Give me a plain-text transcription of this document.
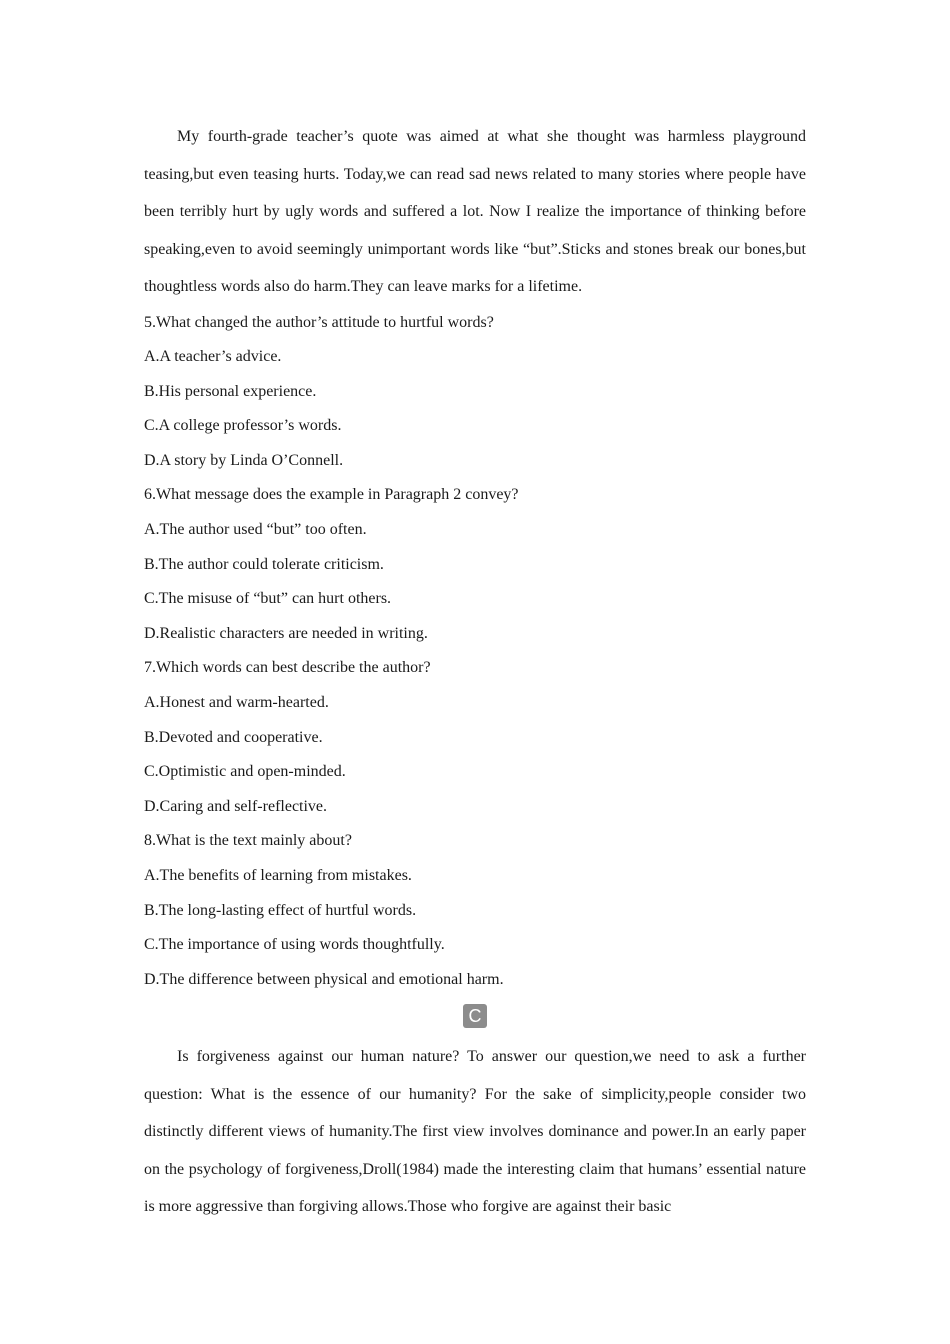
My fourth-grade teacher’s quote was aimed at what she thought was harmless playground teasing,but even teasing hurts. Today,we can read sad news related to many stories where people have been terribly hurt by ugly words and suffered a lot. Now I realize the importance of thinking before speaking,even to avoid seemingly unimportant words like “but”.Sticks and stones break our bones,but thoughtless words also do harm.They can leave marks for a lifetime.

5.What changed the author’s attitude to hurtful words?

A.A teacher’s advice.

B.His personal experience.

C.A college professor’s words.

D.A story by Linda O’Connell.

6.What message does the example in Paragraph 2 convey?

A.The author used “but” too often.

B.The author could tolerate criticism.

C.The misuse of “but” can hurt others.

D.Realistic characters are needed in writing.

7.Which words can best describe the author?

A.Honest and warm-hearted.

B.Devoted and cooperative.

C.Optimistic and open-minded.

D.Caring and self-reflective.

8.What is the text mainly about?

A.The benefits of learning from mistakes.

B.The long-lasting effect of hurtful words.

C.The importance of using words thoughtfully.

D.The difference between physical and emotional harm.

C

Is forgiveness against our human nature? To answer our question,we need to ask a further question: What is the essence of our humanity? For the sake of simplicity,people consider two distinctly different views of humanity.The first view involves dominance and power.In an early paper on the psychology of forgiveness,Droll(1984) made the interesting claim that humans’ essential nature is more aggressive than forgiving allows.Those who forgive are against their basic
